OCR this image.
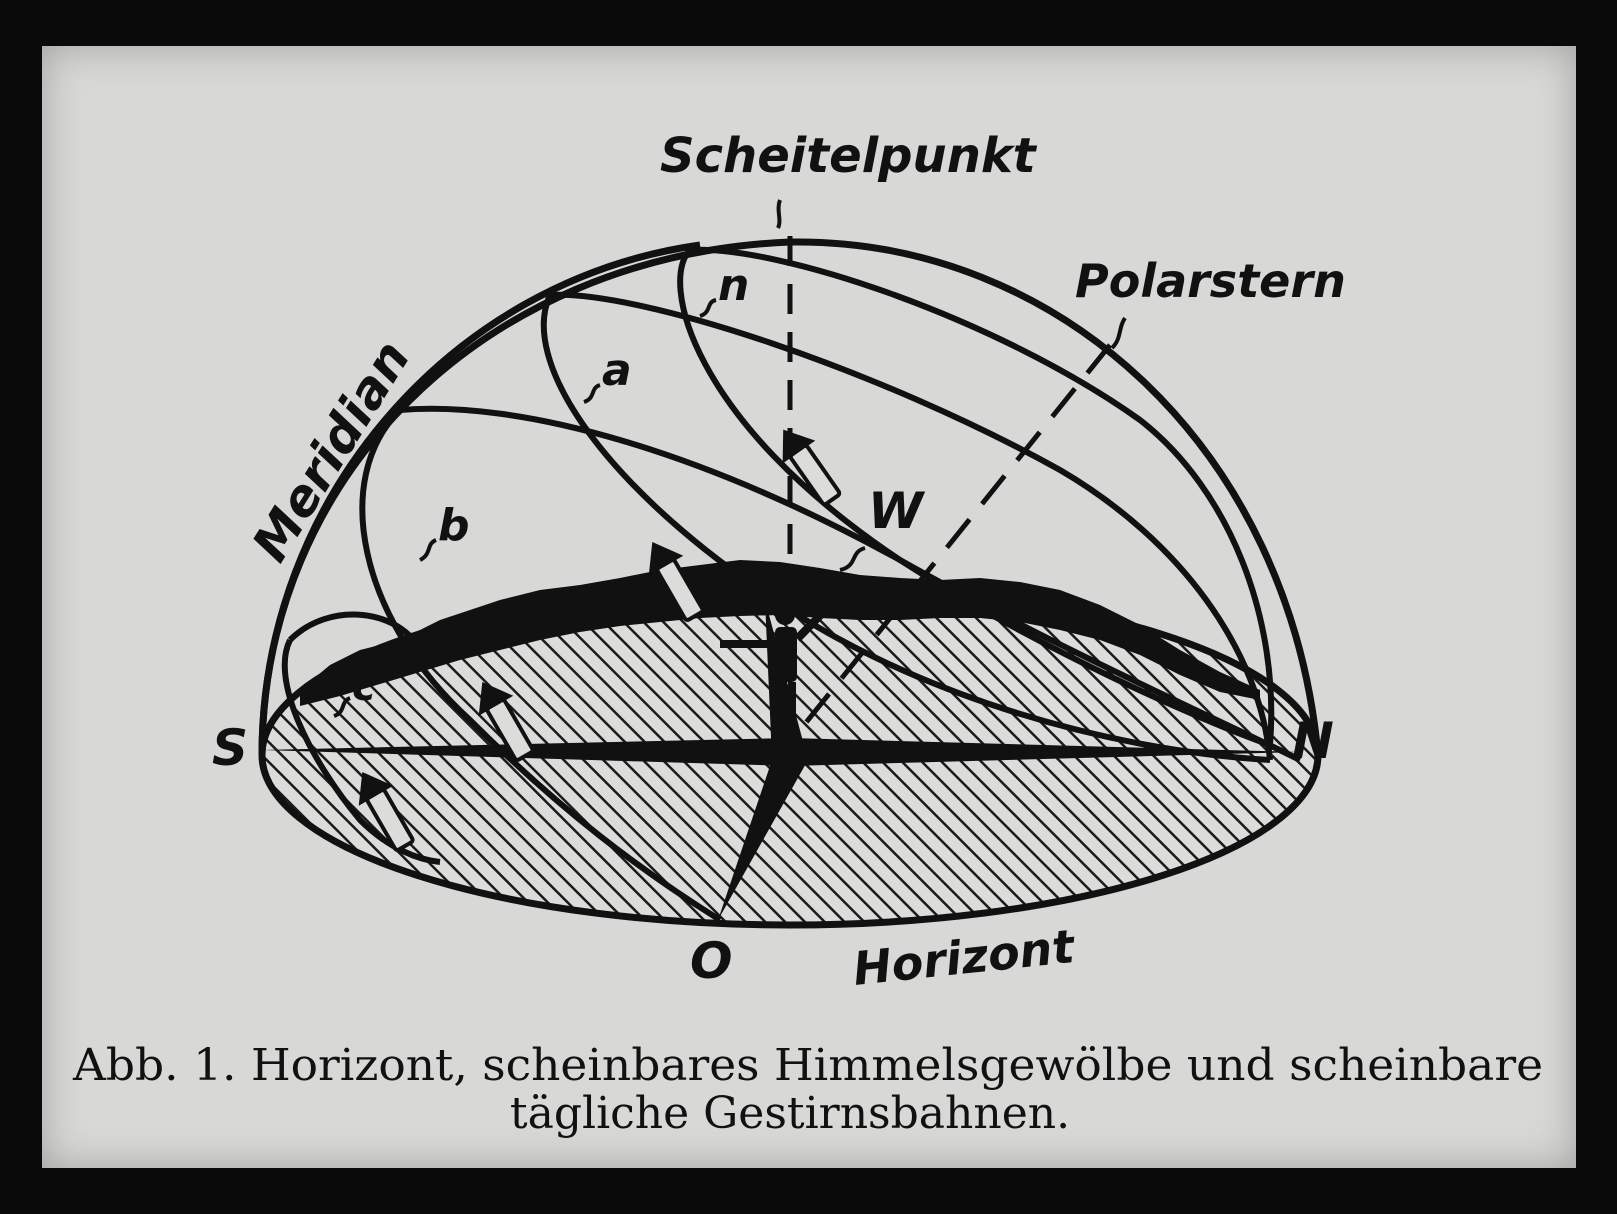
Scheitelpunkt
Polarstern
Meridian
Horizont
S	N
O
W
n
a
b
c
Abb. 1. Horizont, scheinbares Himmelsgewölbe und scheinbare
tägliche Gestirnsbahnen.
